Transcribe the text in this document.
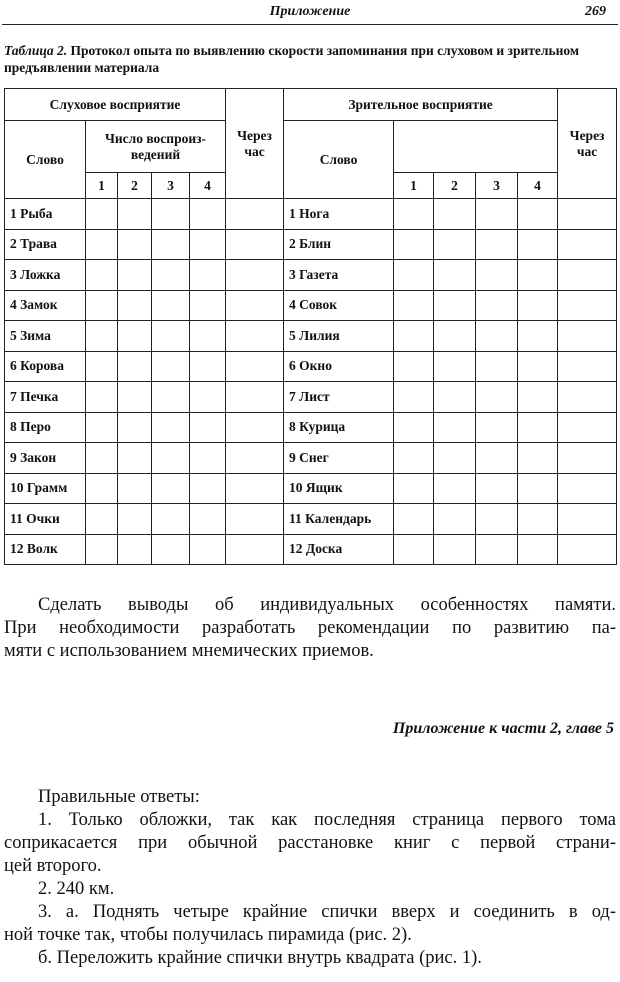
Приложение	269
Таблица 2. Протокол опыта по выявлению скорости запоминания при слуховом и зрительном предъявлении материала
Слуховое восприятие					Через час	Зрительное восприятие					Через час
Слово	Число воспроиз-ведений					Слово					
	1	2	3	4			1	2	3	4	
1 Рыба						1 Нога					
2 Трава						2 Блин					
3 Ложка						3 Газета					
4 Замок						4 Совок					
5 Зима						5 Лилия					
6 Корова						6 Окно					
7 Печка						7 Лист					
8 Перо						8 Курица					
9 Закон						9 Снег					
10 Грамм						10 Ящик					
11 Очки						11 Календарь					
12 Волк						12 Доска					
Сделать выводы об индивидуальных особенностях памяти.
При необходимости разработать рекомендации по развитию па-
мяти с использованием мнемических приемов.
Приложение к части 2, главе 5
Правильные ответы:
1. Только обложки, так как последняя страница первого тома
соприкасается при обычной расстановке книг с первой страни-
цей второго.
2. 240 км.
3. а. Поднять четыре крайние спички вверх и соединить в од-
ной точке так, чтобы получилась пирамида (рис. 2).
б. Переложить крайние спички внутрь квадрата (рис. 1).
